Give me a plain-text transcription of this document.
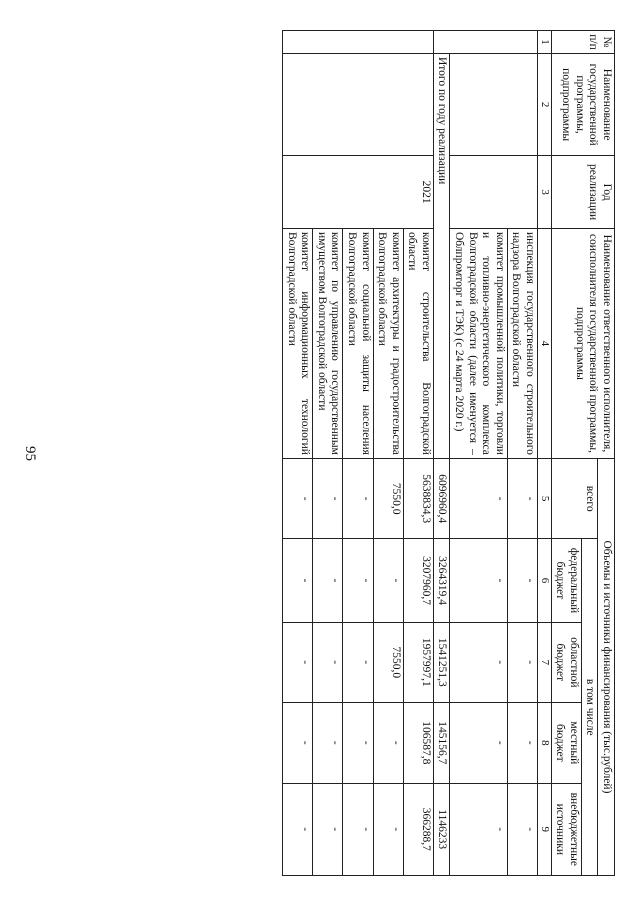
95
№ п/п	Наименование государственной программы, подпрограммы	Год реализации	Наименование ответственного исполнителя, соисполнителя государственной программы, подпрограммы	Объемы и источники финансирования (тыс.рублей)				
				всего	в том числе			
					федеральный бюджет	областной бюджет	местный бюджет	внебюджетные источники
1	2	3	4	5	6	7	8	9
			инспекция государственного строительного надзора Волгоградской области	-	-	-	-	-
			комитет промышленной политики, торговли и топливно-энергетического комплекса Волгоградской области (далее именуется – Облпромторг и ТЭК) (с 24 марта 2020 г.)	-	-	-	-	-
	Итого по году реализации			6096960,4	3264319,4	1541251,3	145156,7	1146233
		2021	комитет строительства Волгоградской области	5638834,3	3207960,7	1957997,1	106587,8	366288,7
			комитет архитектуры и градостроительства Волгоградской области	7550,0	-	7550,0	-	-
			комитет социальной защиты населения Волгоградской области	-	-	-	-	-
			комитет по управлению государственным имуществом Волгоградской области	-	-	-	-	-
			комитет информационных технологий Волгоградской области	-	-	-	-	-
